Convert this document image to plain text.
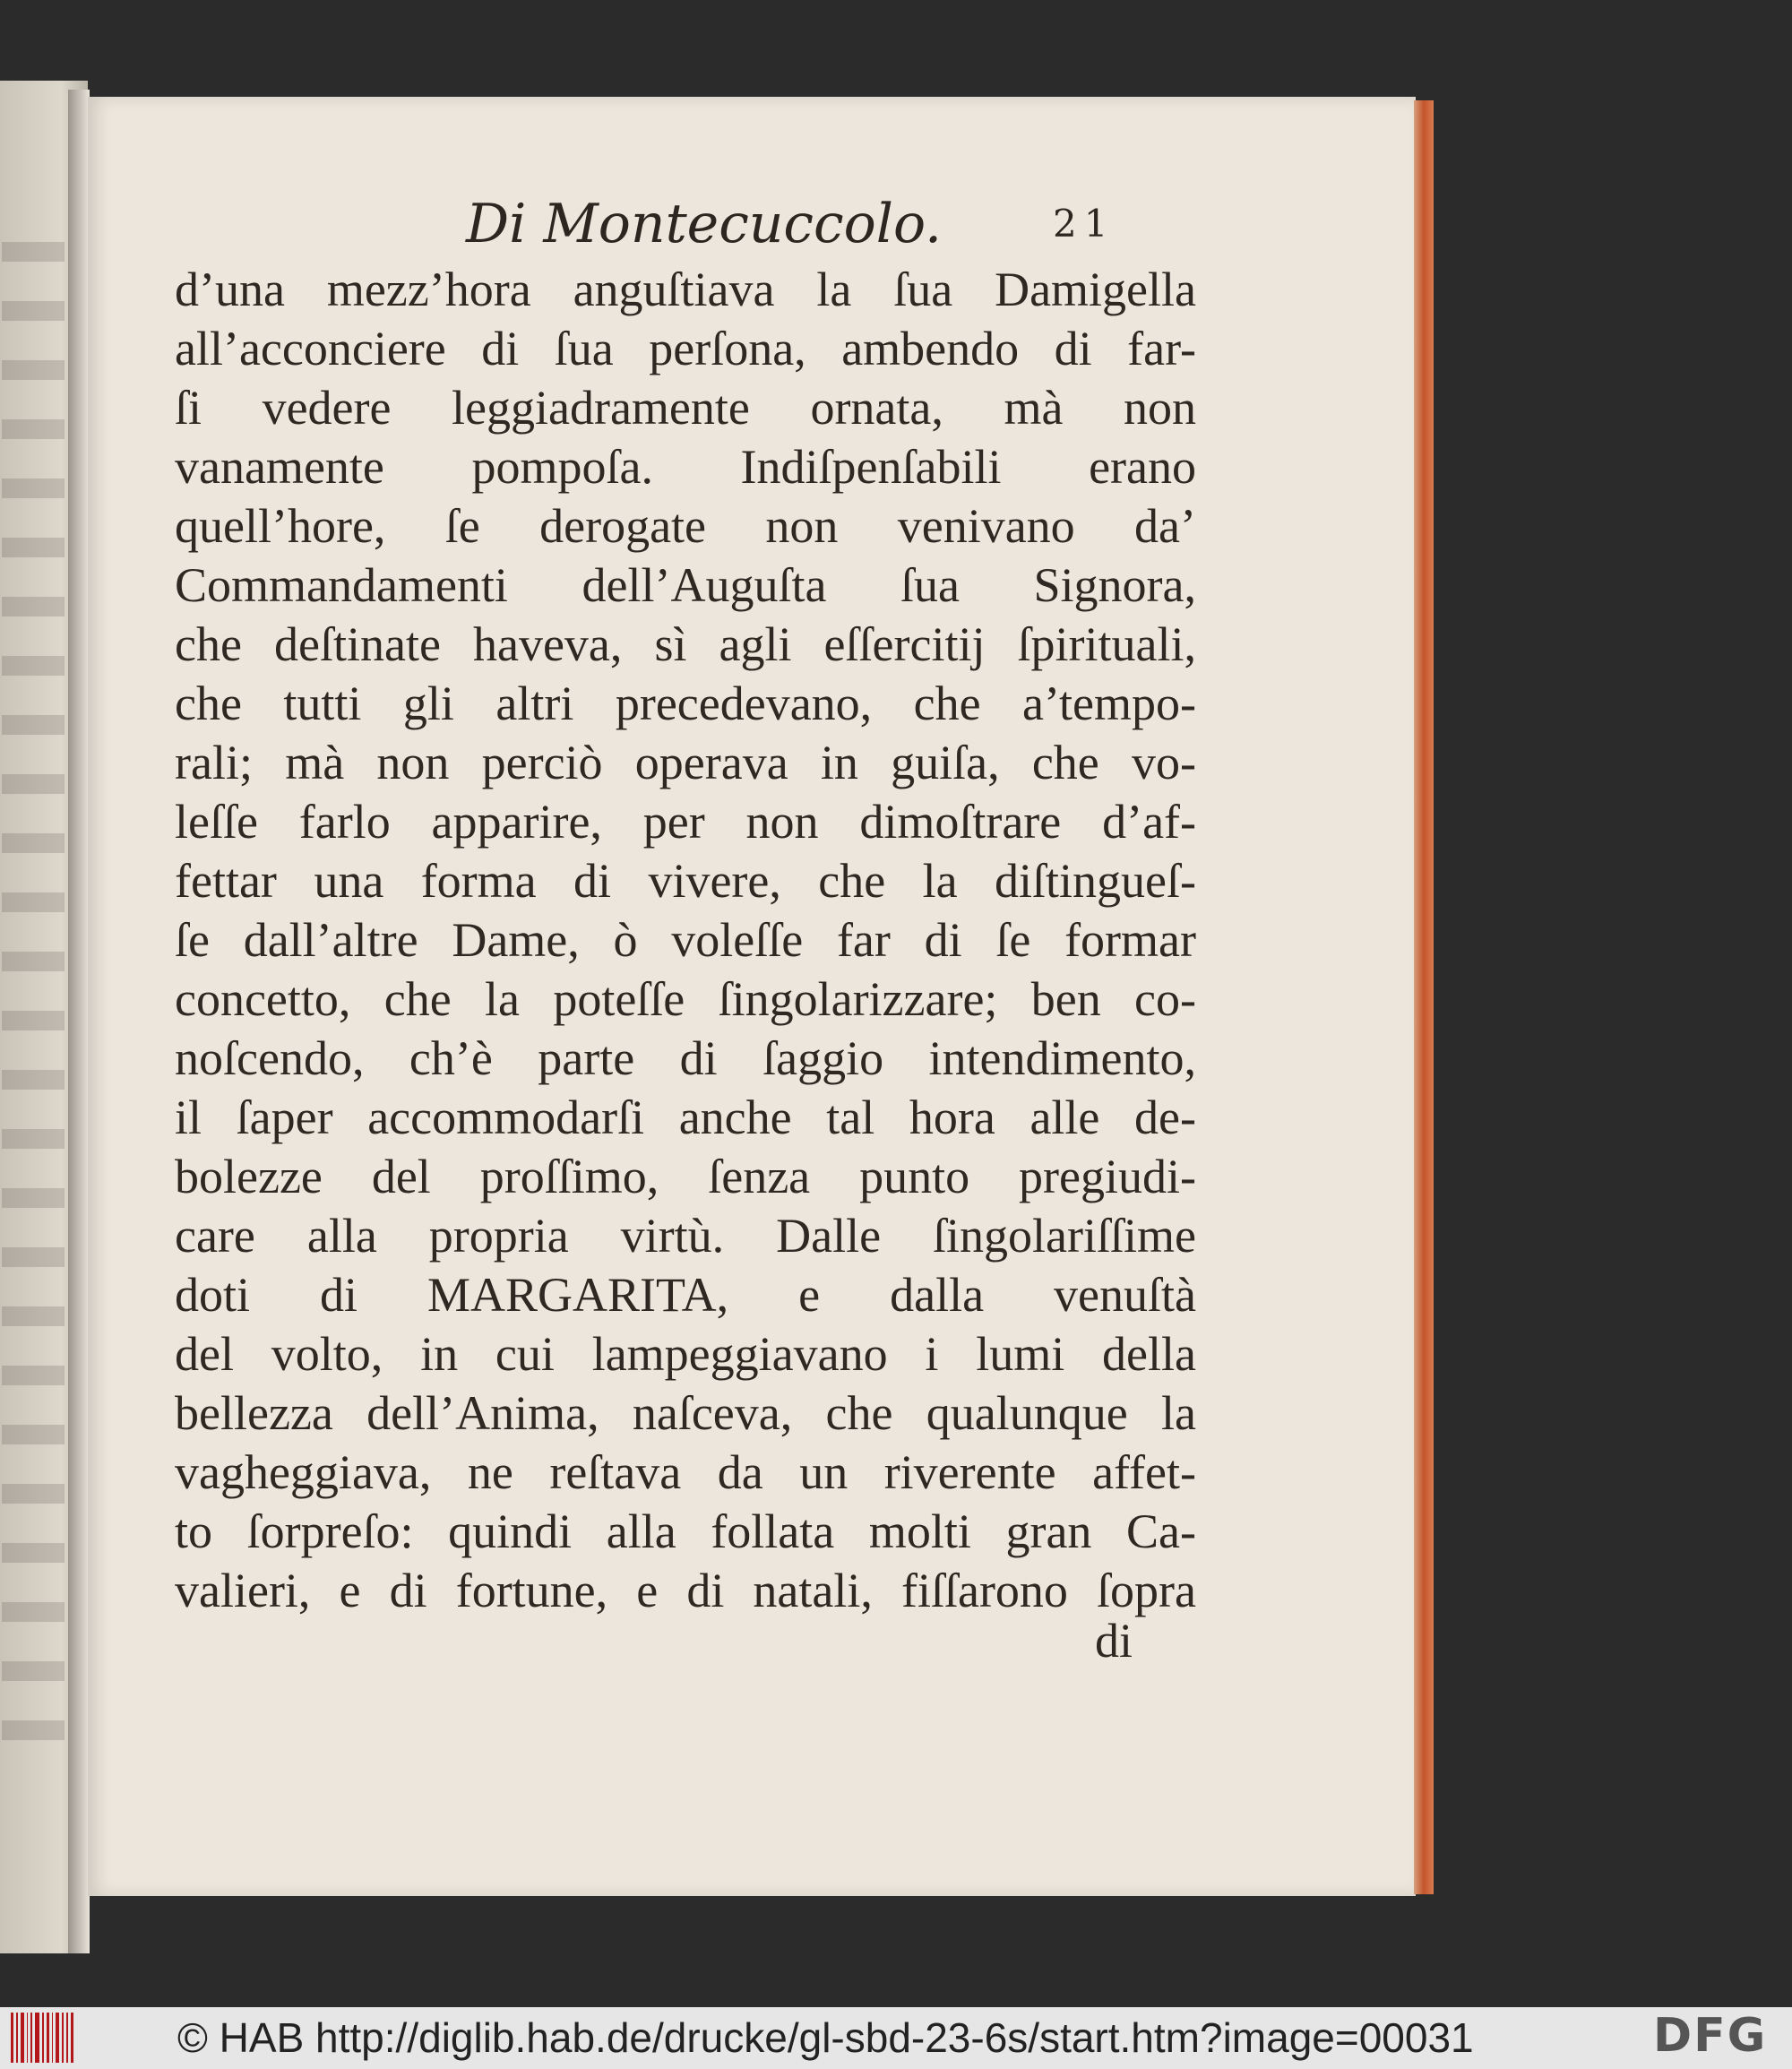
Di Montecuccolo.	21
d’una mezz’hora anguſtiava la ſua Damigella
all’acconciere di ſua perſona, ambendo di far-
ſi vedere leggiadramente ornata, mà non
vanamente pompoſa. Indiſpenſabili erano
quell’hore, ſe derogate non venivano da’
Commandamenti dell’Auguſta ſua Signora,
che deſtinate haveva, sì agli eſſercitij ſpirituali,
che tutti gli altri precedevano, che a’tempo-
rali; mà non perciò operava in guiſa, che vo-
leſſe farlo apparire, per non dimoſtrare d’af-
fettar una forma di vivere, che la diſtingueſ-
ſe dall’altre Dame, ò voleſſe far di ſe formar
concetto, che la poteſſe ſingolarizzare; ben co-
noſcendo, ch’è parte di ſaggio intendimento,
il ſaper accommodarſi anche tal hora alle de-
bolezze del proſſimo, ſenza punto pregiudi-
care alla propria virtù. Dalle ſingolariſſime
doti di MARGARITA, e dalla venuſtà
del volto, in cui lampeggiavano i lumi della
bellezza dell’Anima, naſceva, che qualunque la
vagheggiava, ne reſtava da un riverente affet-
to ſorpreſo: quindi alla follata molti gran Ca-
valieri, e di fortune, e di natali, fiſſarono ſopra
di
© HAB http://diglib.hab.de/drucke/gl-sbd-23-6s/start.htm?image=00031	DFG
